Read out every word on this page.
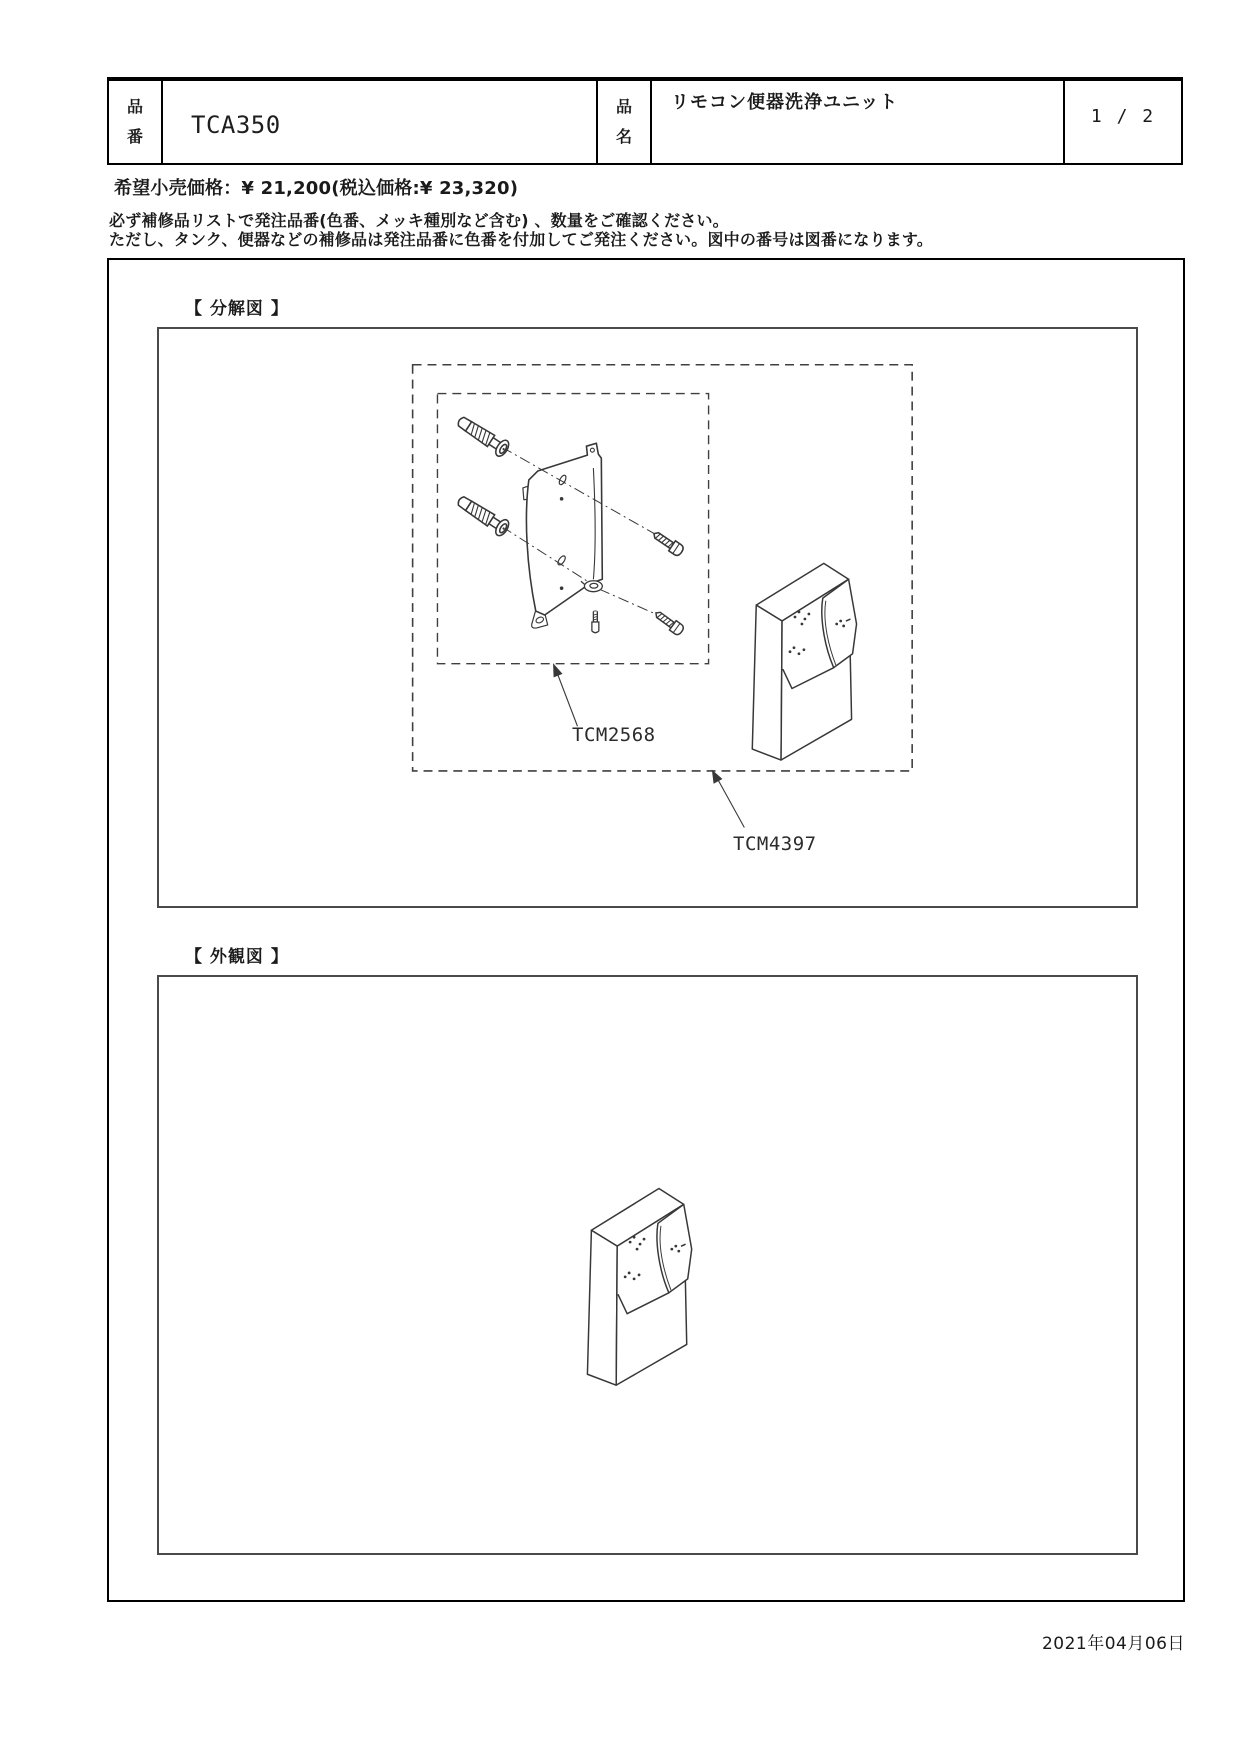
品
番 TCA350
品
名
リモコン便器洗浄ユニット
1 / 2
希望小売価格：¥ 21,200(税込価格:¥ 23,320)
必ず補修品リストで発注品番(色番、メッキ種別など含む) 、数量をご確認ください。
ただし、タンク、便器などの補修品は発注品番に色番を付加してご発注ください。図中の番号は図番になります。
【 分解図 】
TCM2568
TCM4397
【 外観図 】
2021年04月06日
